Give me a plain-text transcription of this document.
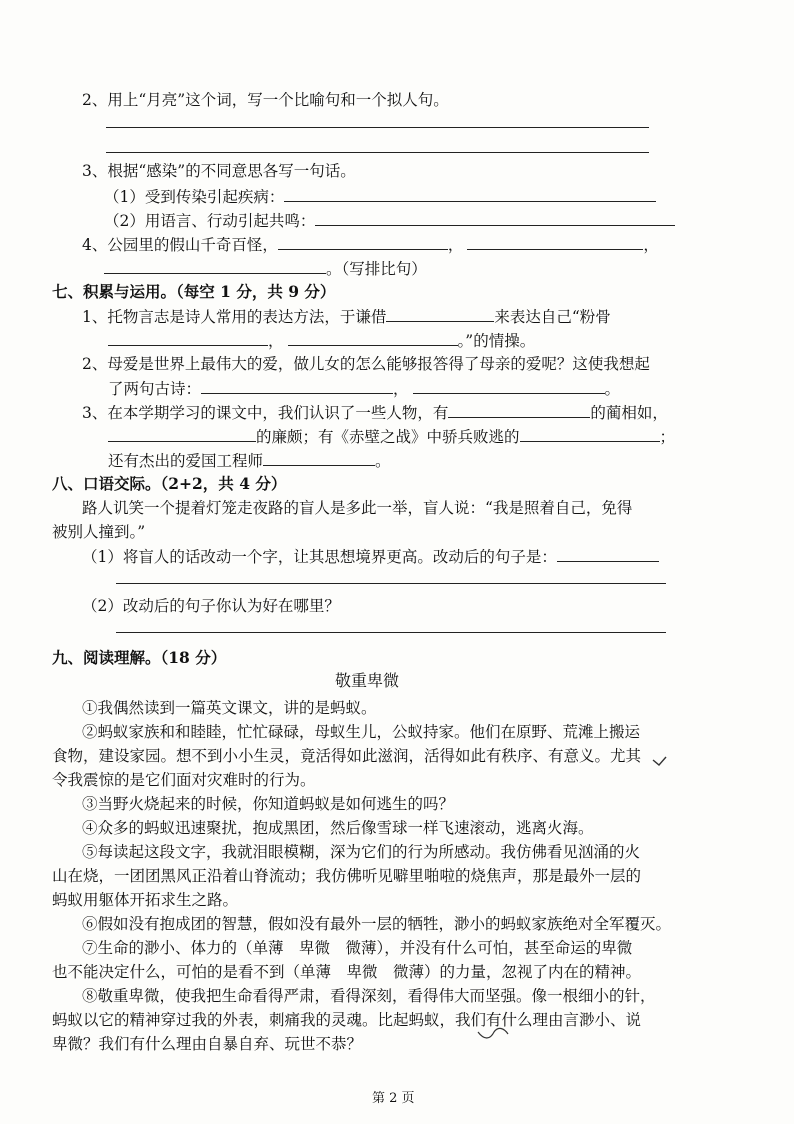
2、用上“月亮”这个词，写一个比喻句和一个拟人句。
3、根据“感染”的不同意思各写一句话。
（1）受到传染引起疾病：
（2）用语言、行动引起共鸣：
4、公园里的假山千奇百怪，	，	，
。（写排比句）
七、积累与运用。（每空 1 分，共 9 分）
1、托物言志是诗人常用的表达方法，于谦借	来表达自己“粉骨
，	。”的情操。
2、母爱是世界上最伟大的爱，做儿女的怎么能够报答得了母亲的爱呢？这使我想起
了两句古诗：	，	。
3、在本学期学习的课文中，我们认识了一些人物，有	的蔺相如，
的廉颇；有《赤壁之战》中骄兵败逃的	；
还有杰出的爱国工程师	。
八、口语交际。（2+2，共 4 分）
路人讥笑一个提着灯笼走夜路的盲人是多此一举，盲人说：“我是照着自己，免得
被别人撞到。”
（1）将盲人的话改动一个字，让其思想境界更高。改动后的句子是：
（2）改动后的句子你认为好在哪里？
九、阅读理解。（18 分）
敬重卑微
①我偶然读到一篇英文课文，讲的是蚂蚁。
②蚂蚁家族和和睦睦，忙忙碌碌，母蚁生儿，公蚁持家。他们在原野、荒滩上搬运
食物，建设家园。想不到小小生灵，竟活得如此滋润，活得如此有秩序、有意义。尤其
令我震惊的是它们面对灾难时的行为。
③当野火烧起来的时候，你知道蚂蚁是如何逃生的吗？
④众多的蚂蚁迅速聚扰，抱成黑团，然后像雪球一样飞速滚动，逃离火海。
⑤每读起这段文字，我就泪眼模糊，深为它们的行为所感动。我仿佛看见汹涌的火
山在烧，一团团黑风正沿着山脊流动；我仿佛听见噼里啪啦的烧焦声，那是最外一层的
蚂蚁用躯体开拓求生之路。
⑥假如没有抱成团的智慧，假如没有最外一层的牺牲，渺小的蚂蚁家族绝对全军覆灭。
⑦生命的渺小、体力的（单薄　卑微　微薄），并没有什么可怕，甚至命运的卑微
也不能决定什么，可怕的是看不到（单薄　卑微　微薄）的力量，忽视了内在的精神。
⑧敬重卑微，使我把生命看得严肃，看得深刻，看得伟大而坚强。像一根细小的针，
蚂蚁以它的精神穿过我的外表，刺痛我的灵魂。比起蚂蚁，我们有什么理由言渺小、说
卑微？我们有什么理由自暴自弃、玩世不恭？
第 2 页
